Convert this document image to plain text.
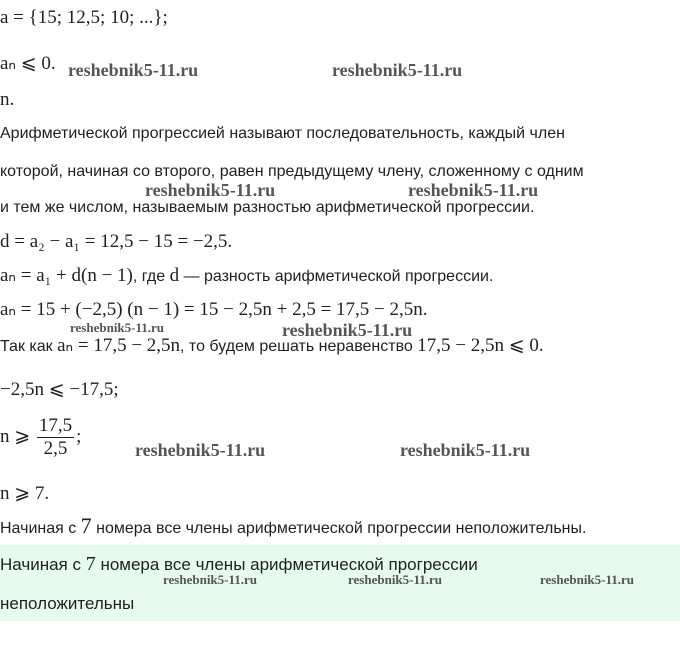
a = {15; 12,5; 10; ...};
aₙ ⩽ 0.
n.
Арифметической прогрессией называют последовательность, каждый член
которой, начиная со второго, равен предыдущему члену, сложенному с одним
и тем же числом, называемым разностью арифметической прогрессии.
d = a₂ − a₁ = 12,5 − 15 = −2,5.
aₙ = a₁ + d(n − 1), где d — разность арифметической прогрессии.
aₙ = 15 + (−2,5) (n − 1) = 15 − 2,5n + 2,5 = 17,5 − 2,5n.
Так как aₙ = 17,5 − 2,5n, то будем решать неравенство 17,5 − 2,5n ⩽ 0.
−2,5n ⩽ −17,5;
n ⩾ $\frac{17,5}{2,5}$ ;
n ⩾ 7.
Начиная с 7 номера все члены арифметической прогрессии неположительны.
Начиная с 7 номера все члены арифметической прогрессии
неположительны
reshebnik5-11.ru	reshebnik5-11.ru
reshebnik5-11.ru	reshebnik5-11.ru
reshebnik5-11.ru	reshebnik5-11.ru
reshebnik5-11.ru	reshebnik5-11.ru
reshebnik5-11.ru	reshebnik5-11.ru	reshebnik5-11.ru
